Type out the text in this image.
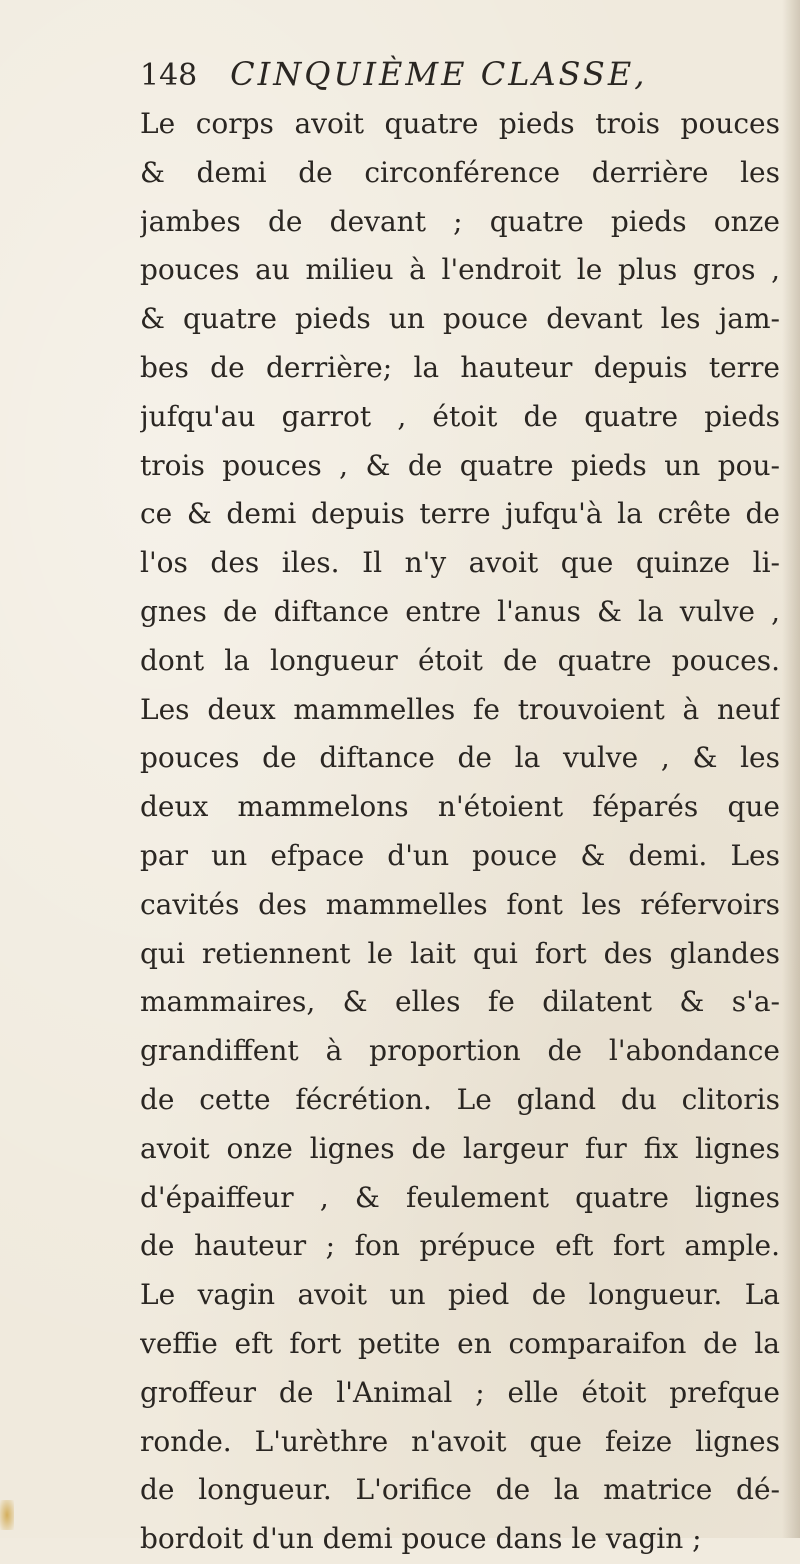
148 CINQUIÈME CLASSE,
Le corps avoit quatre pieds trois pouces
& demi de circonférence derrière les
jambes de devant ; quatre pieds onze
pouces au milieu à l'endroit le plus gros ,
& quatre pieds un pouce devant les jam-
bes de derrière; la hauteur depuis terre
jufqu'au garrot , étoit de quatre pieds
trois pouces , & de quatre pieds un pou-
ce & demi depuis terre jufqu'à la crête de
l'os des iles. Il n'y avoit que quinze li-
gnes de diftance entre l'anus & la vulve ,
dont la longueur étoit de quatre pouces.
Les deux mammelles fe trouvoient à neuf
pouces de diftance de la vulve , & les
deux mammelons n'étoient féparés que
par un efpace d'un pouce & demi. Les
cavités des mammelles font les réfervoirs
qui retiennent le lait qui fort des glandes
mammaires, & elles fe dilatent & s'a-
grandiffent à proportion de l'abondance
de cette fécrétion. Le gland du clitoris
avoit onze lignes de largeur fur fix lignes
d'épaiffeur , & feulement quatre lignes
de hauteur ; fon prépuce eft fort ample.
Le vagin avoit un pied de longueur. La
veffie eft fort petite en comparaifon de la
groffeur de l'Animal ; elle étoit prefque
ronde. L'urèthre n'avoit que feize lignes
de longueur. L'orifice de la matrice dé-
bordoit d'un demi pouce dans le vagin ;
